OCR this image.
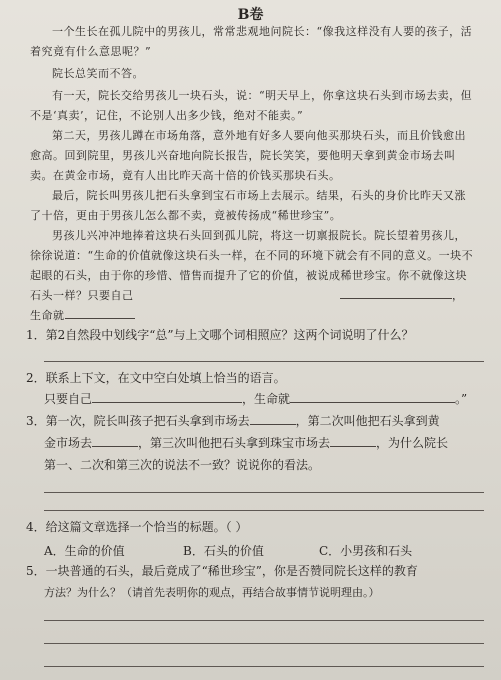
B卷
一个生长在孤儿院中的男孩儿，常常悲观地问院长：“像我这样没有人要的孩子，活着究竟有什么意思呢？”
院长总笑而不答。
有一天，院长交给男孩儿一块石头，说：“明天早上，你拿这块石头到市场去卖，但不是‘真卖’，记住，不论别人出多少钱，绝对不能卖。”
第二天，男孩儿蹲在市场角落，意外地有好多人要向他买那块石头，而且价钱愈出愈高。回到院里，男孩儿兴奋地向院长报告，院长笑笑，要他明天拿到黄金市场去叫卖。在黄金市场，竟有人出比昨天高十倍的价钱买那块石头。
最后，院长叫男孩儿把石头拿到宝石市场上去展示。结果，石头的身价比昨天又涨了十倍，更由于男孩儿怎么都不卖，竟被传扬成“稀世珍宝”。
男孩儿兴冲冲地捧着这块石头回到孤儿院，将这一切禀报院长。院长望着男孩儿，徐徐说道：“生命的价值就像这块石头一样，在不同的环境下就会有不同的意义。一块不起眼的石头，由于你的珍惜、惜售而提升了它的价值，被说成稀世珍宝。你不就像这块石头一样？只要自己
生命就
，
1．第2自然段中划线字“总”与上文哪个词相照应？这两个词说明了什么？
2．联系上下文，在文中空白处填上恰当的语言。
只要自己	，生命就	。”
3．第一次，院长叫孩子把石头拿到市场去	，第二次叫他把石头拿到黄
金市场去	，第三次叫他把石头拿到珠宝市场去	，为什么院长
第一、二次和第三次的说法不一致？说说你的看法。
4．给这篇文章选择一个恰当的标题。（ ）
A．生命的价值	B．石头的价值	C．小男孩和石头
5．一块普通的石头，最后竟成了“稀世珍宝”，你是否赞同院长这样的教育
方法？为什么？（请首先表明你的观点，再结合故事情节说明理由。）
